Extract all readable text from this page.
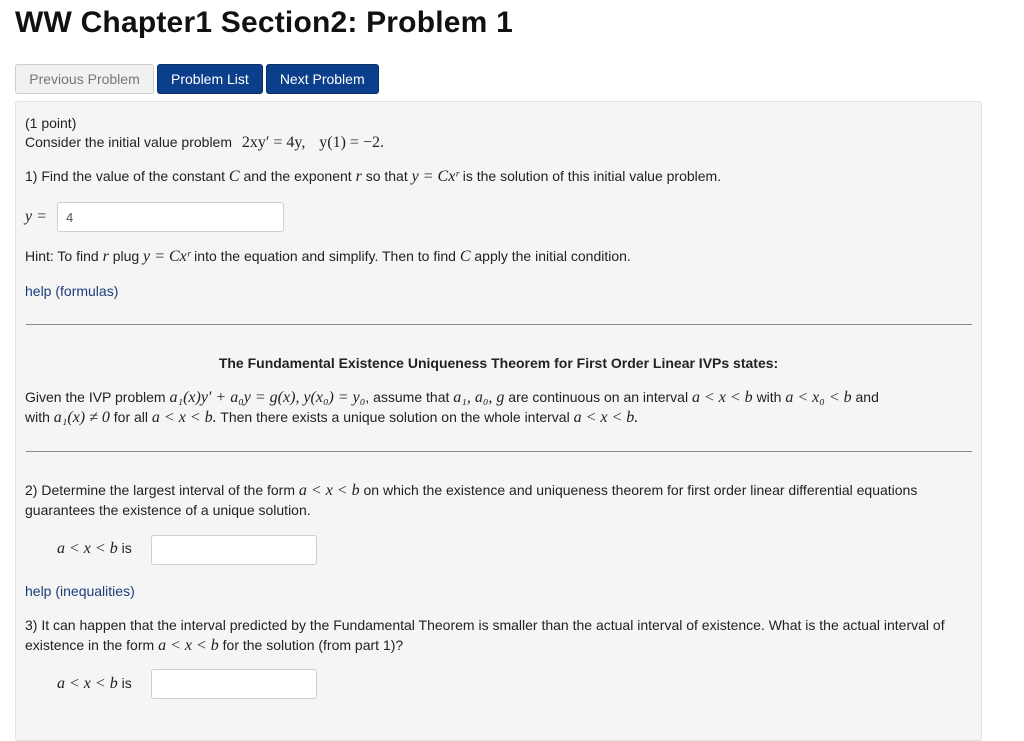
WW Chapter1 Section2: Problem 1
Previous Problem	Problem List	Next Problem
(1 point)
Consider the initial value problem 2xy′ = 4y, y(1) = −2.
1) Find the value of the constant C and the exponent r so that y = Cxʳ is the solution of this initial value problem.
y =	4
Hint: To find r plug y = Cxʳ into the equation and simplify. Then to find C apply the initial condition.
help (formulas)
The Fundamental Existence Uniqueness Theorem for First Order Linear IVPs states:
Given the IVP problem a₁(x)y′ + a₀y = g(x), y(x₀) = y₀, assume that a₁, a₀, g are continuous on an interval a < x < b with a < x₀ < b and
with a₁(x) ≠ 0 for all a < x < b. Then there exists a unique solution on the whole interval a < x < b.
2) Determine the largest interval of the form a < x < b on which the existence and uniqueness theorem for first order linear differential equations
guarantees the existence of a unique solution.
a < x < b is
help (inequalities)
3) It can happen that the interval predicted by the Fundamental Theorem is smaller than the actual interval of existence. What is the actual interval of
existence in the form a < x < b for the solution (from part 1)?
a < x < b is
